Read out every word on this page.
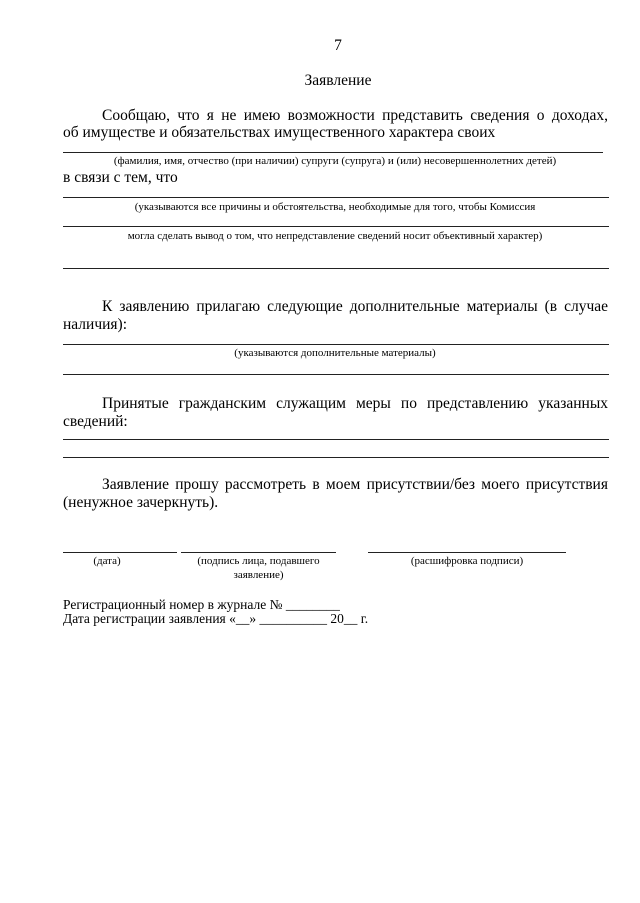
7
Заявление
Сообщаю, что я не имею возможности представить сведения о доходах,
об имуществе и обязательствах имущественного характера своих
(фамилия, имя, отчество (при наличии) супруги (супруга) и (или) несовершеннолетних детей)
в связи с тем, что
(указываются все причины и обстоятельства, необходимые для того, чтобы Комиссия
могла сделать вывод о том, что непредставление сведений носит объективный характер)
К заявлению прилагаю следующие дополнительные материалы (в случае
наличия):
(указываются дополнительные материалы)
Принятые гражданским служащим меры по представлению указанных
сведений:
Заявление прошу рассмотреть в моем присутствии/без моего присутствия
(ненужное зачеркнуть).
(дата)	(подпись лица, подавшего
заявление)
(расшифровка подписи)
Регистрационный номер в журнале № ________
Дата регистрации заявления «__» __________ 20__ г.
